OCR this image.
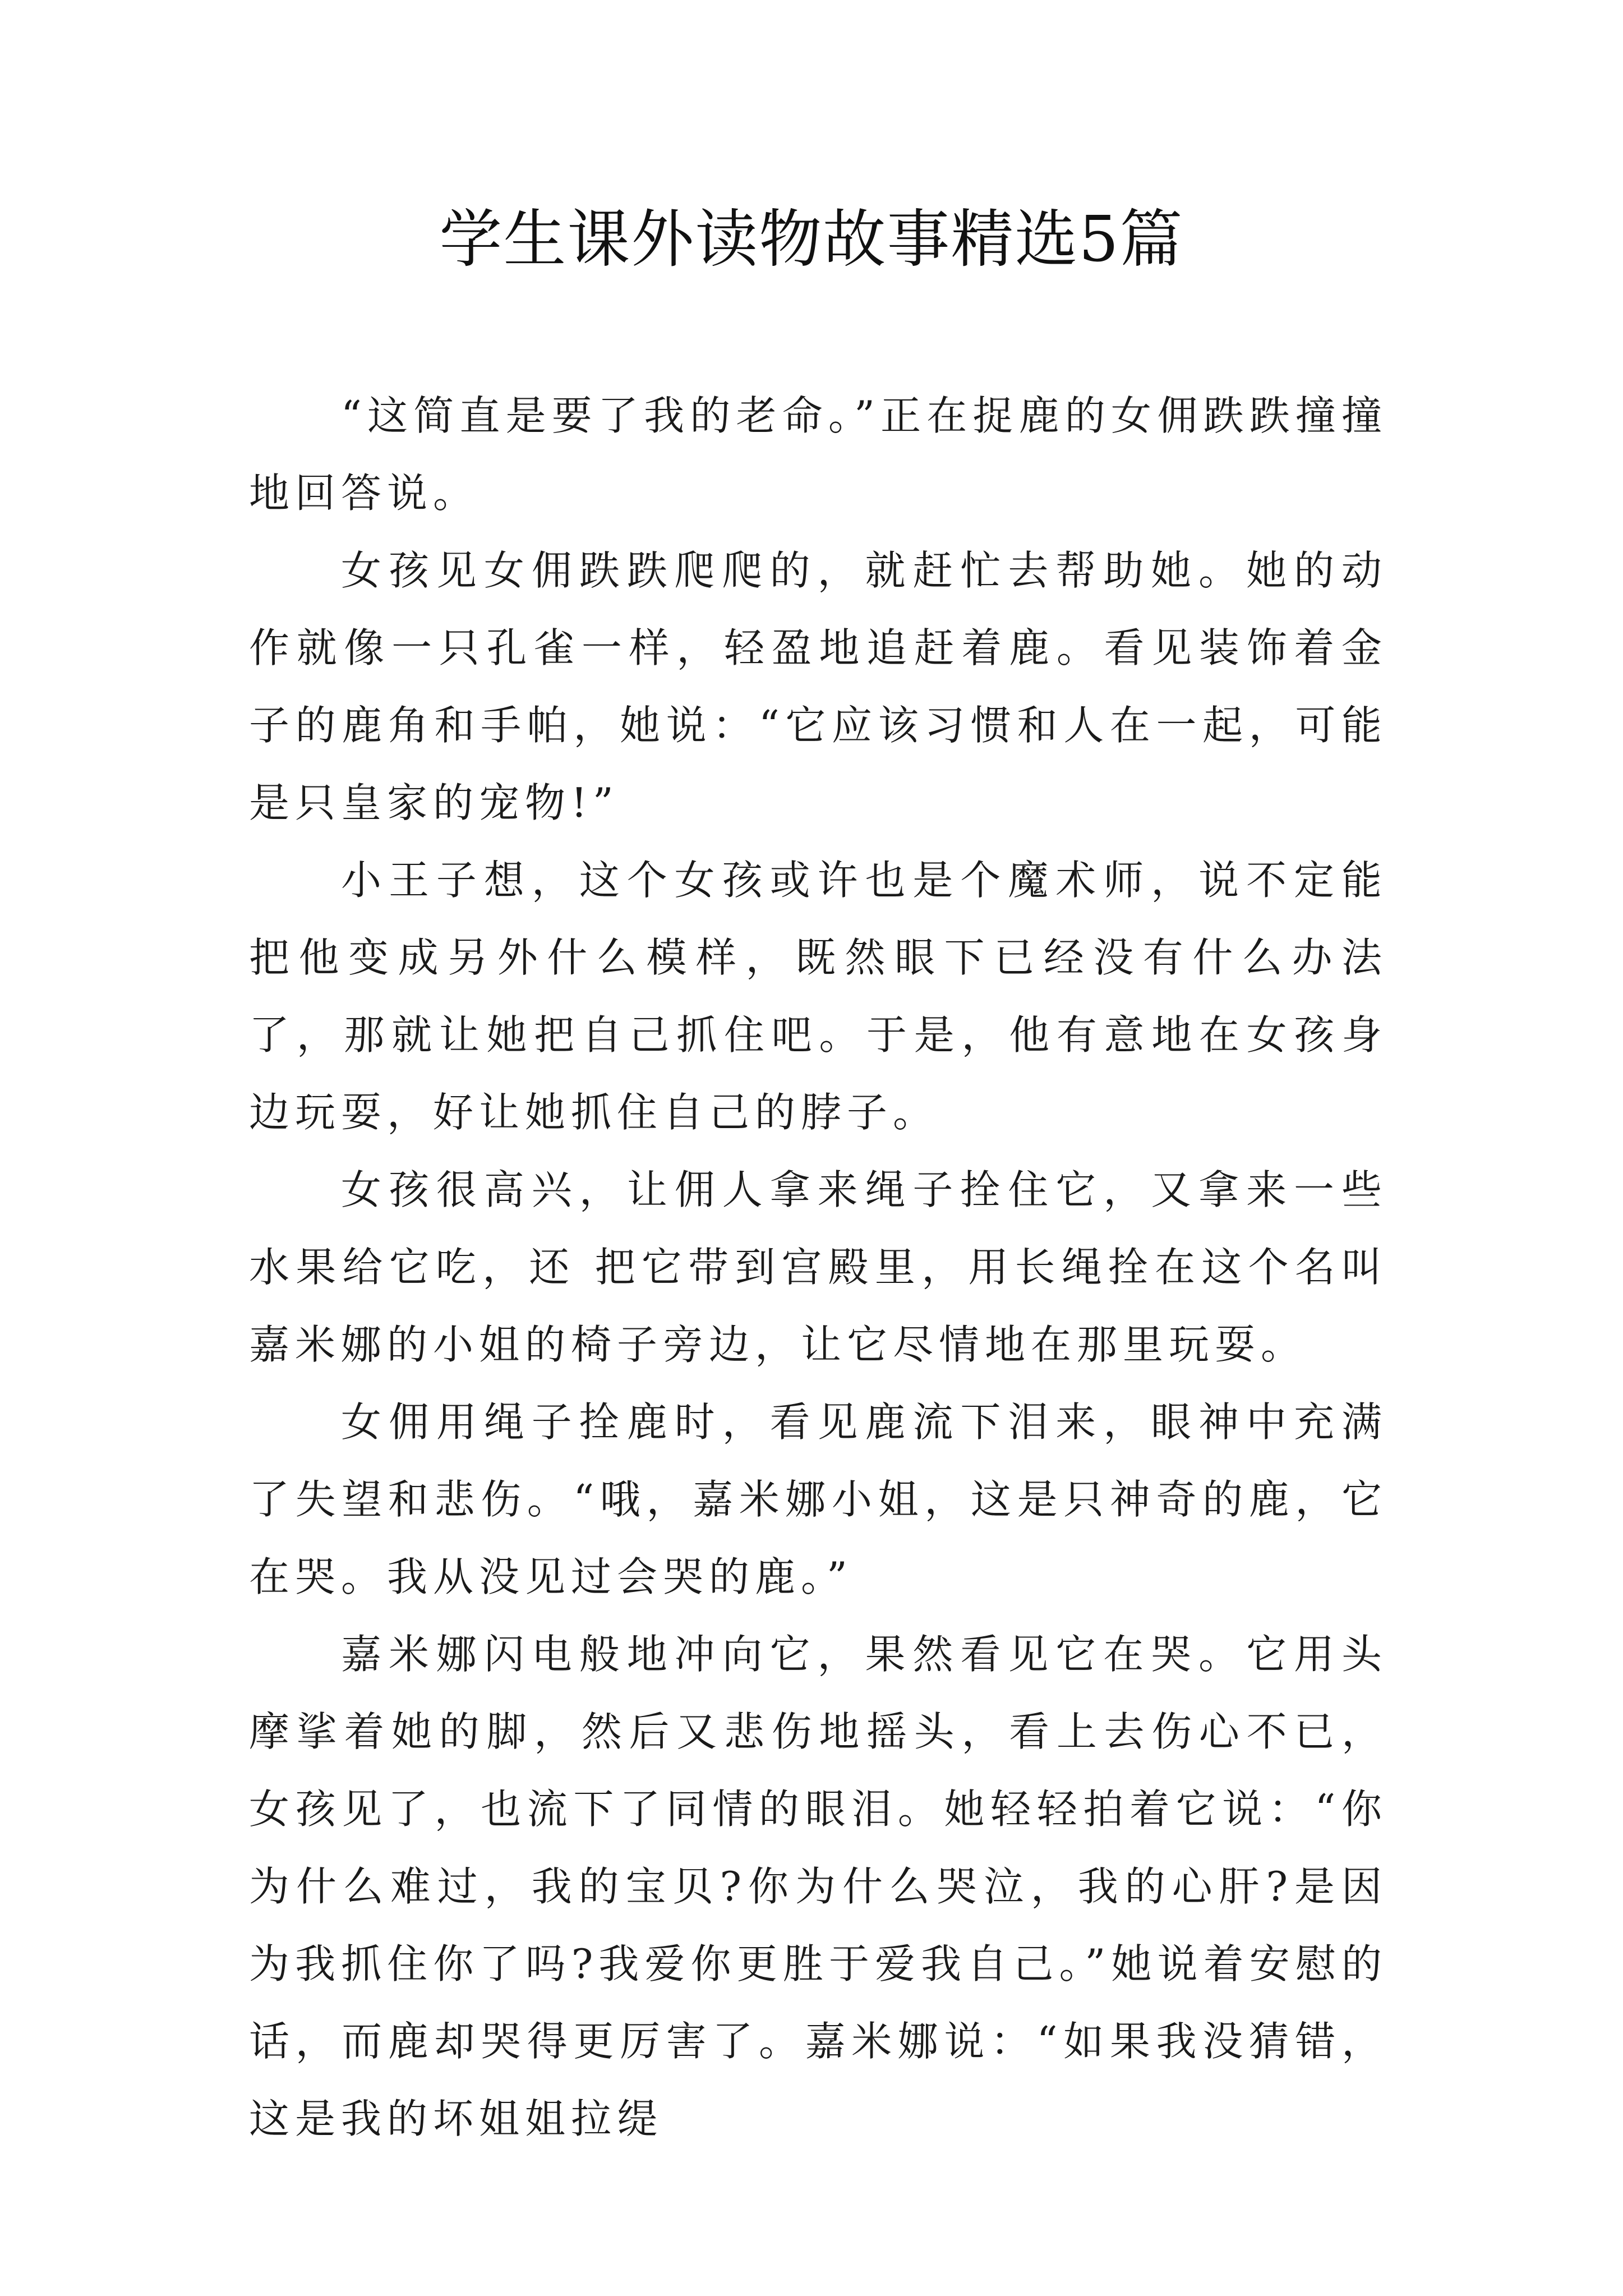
学生课外读物故事精选5篇

“这简直是要了我的老命。”正在捉鹿的女佣跌跌撞撞地回答说。

女孩见女佣跌跌爬爬的，就赶忙去帮助她。她的动作就像一只孔雀一样，轻盈地追赶着鹿。看见装饰着金子的鹿角和手帕，她说：“它应该习惯和人在一起，可能是只皇家的宠物!”

小王子想，这个女孩或许也是个魔术师，说不定能把他变成另外什么模样，既然眼下已经没有什么办法了，那就让她把自己抓住吧。于是，他有意地在女孩身边玩耍，好让她抓住自己的脖子。

女孩很高兴，让佣人拿来绳子拴住它，又拿来一些水果给它吃，还 把它带到宫殿里，用长绳拴在这个名叫嘉米娜的小姐的椅子旁边，让它尽情地在那里玩耍。

女佣用绳子拴鹿时，看见鹿流下泪来，眼神中充满了失望和悲伤。“哦，嘉米娜小姐，这是只神奇的鹿，它在哭。我从没见过会哭的鹿。”

嘉米娜闪电般地冲向它，果然看见它在哭。它用头摩挲着她的脚，然后又悲伤地摇头，看上去伤心不已，女孩见了，也流下了同情的眼泪。她轻轻拍着它说：“你为什么难过，我的宝贝?你为什么哭泣，我的心肝?是因为我抓住你了吗?我爱你更胜于爱我自己。”她说着安慰的话，而鹿却哭得更厉害了。嘉米娜说：“如果我没猜错，这是我的坏姐姐拉缇
